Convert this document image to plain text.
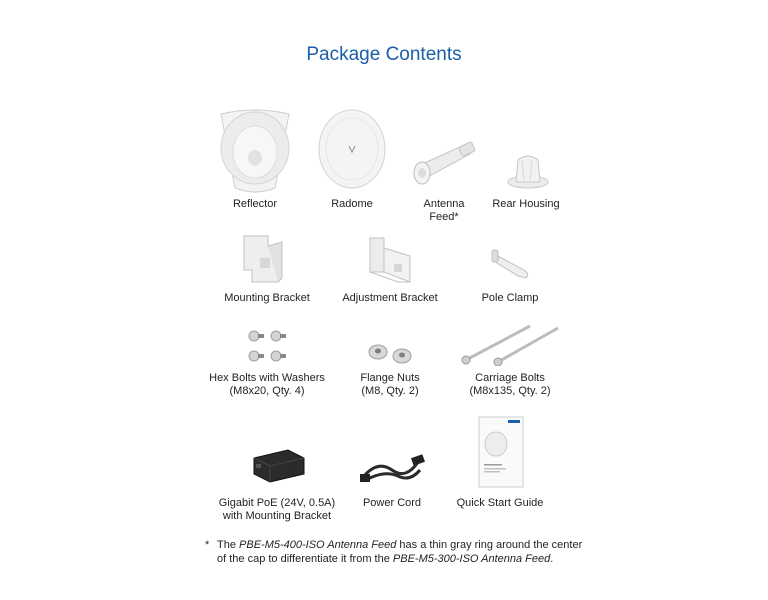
Package Contents
Reflector	Radome	Antenna
Feed*
Rear Housing
Mounting Bracket	Adjustment Bracket	Pole Clamp
Hex Bolts with Washers
(M8x20, Qty. 4)
Flange Nuts
(M8, Qty. 2)
Carriage Bolts
(M8x135, Qty. 2)
Gigabit PoE (24V, 0.5A)
with Mounting Bracket
Power Cord	Quick Start Guide
* The PBE-M5-400-ISO Antenna Feed has a thin gray ring around the center
of the cap to differentiate it from the PBE-M5-300-ISO Antenna Feed.
